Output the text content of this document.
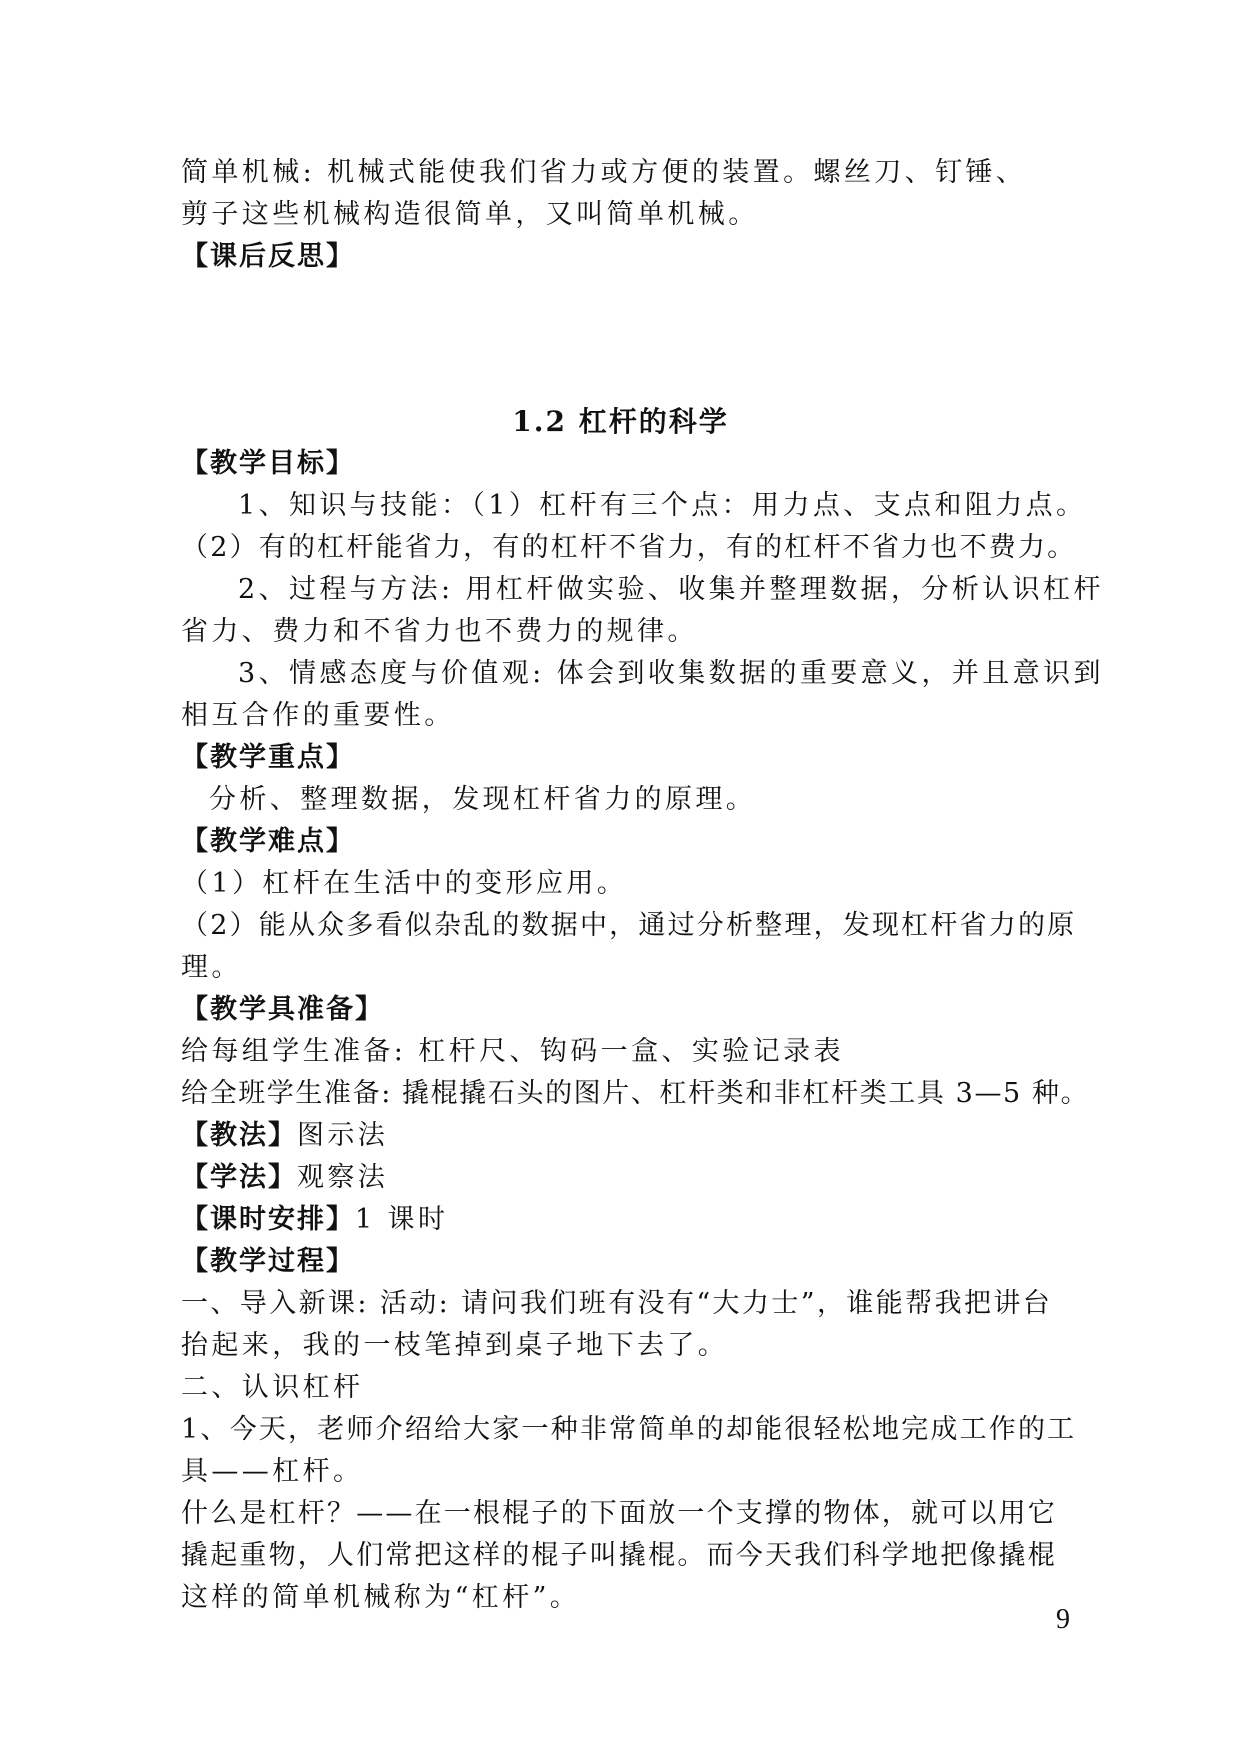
简单机械: 机械式能使我们省力或方便的装置。螺丝刀、钉锤、
剪子这些机械构造很简单，又叫简单机械。
【课后反思】
1.2 杠杆的科学
【教学目标】
1、知识与技能：（1）杠杆有三个点：用力点、支点和阻力点。
（2）有的杠杆能省力，有的杠杆不省力，有的杠杆不省力也不费力。
2、过程与方法: 用杠杆做实验、收集并整理数据，分析认识杠杆
省力、费力和不省力也不费力的规律。
3、情感态度与价值观: 体会到收集数据的重要意义，并且意识到
相互合作的重要性。
【教学重点】
分析、整理数据，发现杠杆省力的原理。
【教学难点】
（1）杠杆在生活中的变形应用。
（2）能从众多看似杂乱的数据中，通过分析整理，发现杠杆省力的原
理。
【教学具准备】
给每组学生准备: 杠杆尺、钩码一盒、实验记录表
给全班学生准备: 撬棍撬石头的图片、杠杆类和非杠杆类工具 3—5 种。
【教法】图示法
【学法】观察法
【课时安排】1 课时
【教学过程】
一、导入新课: 活动: 请问我们班有没有“大力士”，谁能帮我把讲台
抬起来，我的一枝笔掉到桌子地下去了。
二、认识杠杆
1、今天，老师介绍给大家一种非常简单的却能很轻松地完成工作的工
具——杠杆。
什么是杠杆？——在一根棍子的下面放一个支撑的物体，就可以用它
撬起重物，人们常把这样的棍子叫撬棍。而今天我们科学地把像撬棍
这样的简单机械称为“杠杆”。
9
